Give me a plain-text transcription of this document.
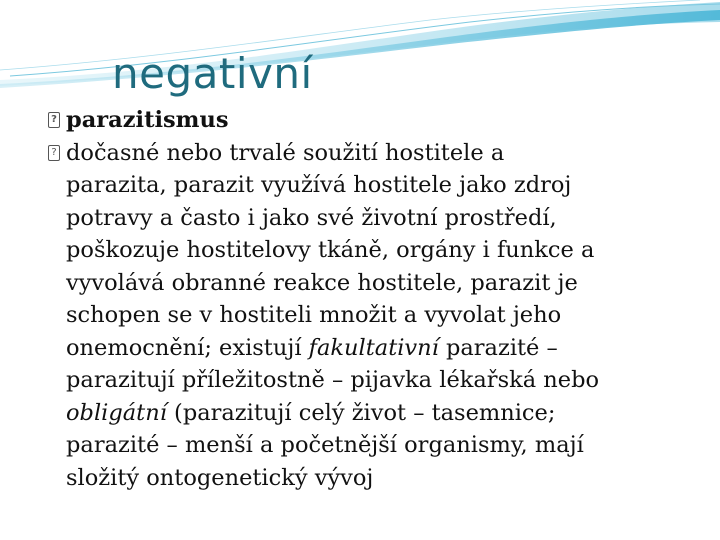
negativní
? parazitismus
? dočasné nebo trvalé soužití hostitele a
parazita, parazit využívá hostitele jako zdroj
potravy a často i jako své životní prostředí,
poškozuje hostitelovy tkáně, orgány i funkce a
vyvolává obranné reakce hostitele, parazit je
schopen se v hostiteli množit a vyvolat jeho
onemocnění; existují fakultativní parazité –
parazitují příležitostně – pijavka lékařská nebo
obligátní (parazitují celý život – tasemnice;
parazité – menší a početnější organismy, mají
složitý ontogenetický vývoj
